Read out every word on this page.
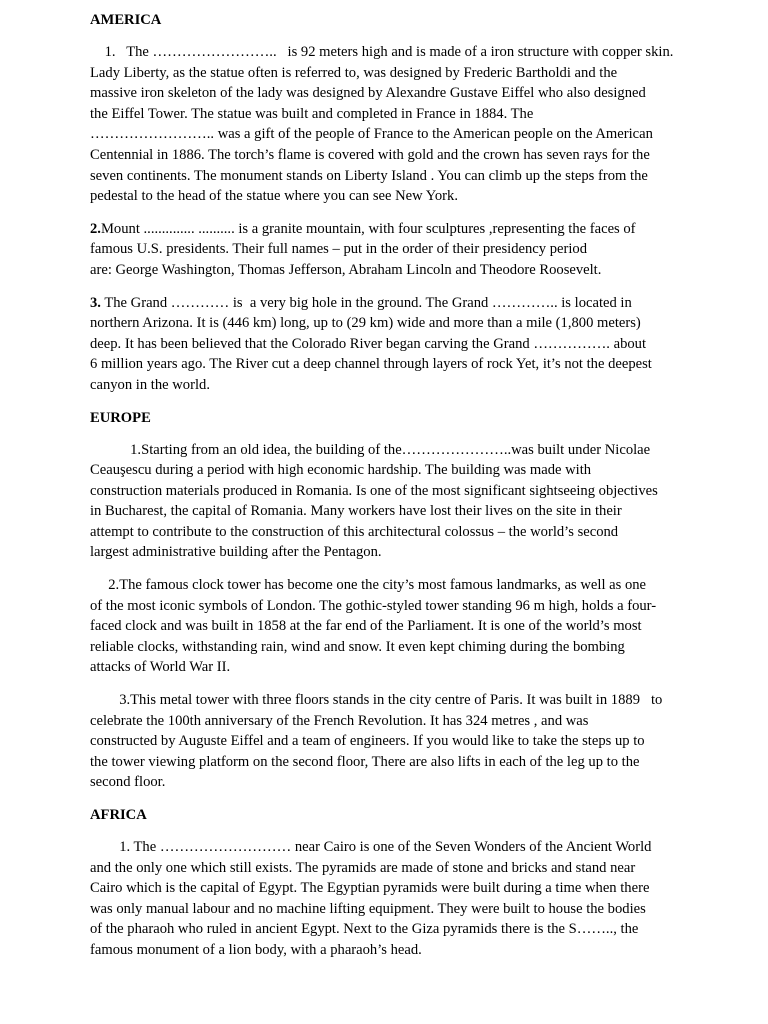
AMERICA
1.   The ……………………..   is 92 meters high and is made of a iron structure with copper skin.
Lady Liberty, as the statue often is referred to, was designed by Frederic Bartholdi and the
massive iron skeleton of the lady was designed by Alexandre Gustave Eiffel who also designed
the Eiffel Tower. The statue was built and completed in France in 1884. The
…………………….. was a gift of the people of France to the American people on the American
Centennial in 1886. The torch’s flame is covered with gold and the crown has seven rays for the
seven continents. The monument stands on Liberty Island . You can climb up the steps from the
pedestal to the head of the statue where you can see New York.
2.Mount .............. .......... is a granite mountain, with four sculptures ,representing the faces of
famous U.S. presidents. Their full names – put in the order of their presidency period
are: George Washington, Thomas Jefferson, Abraham Lincoln and Theodore Roosevelt.
3. The Grand ………… is  a very big hole in the ground. The Grand ………….. is located in
northern Arizona. It is (446 km) long, up to (29 km) wide and more than a mile (1,800 meters)
deep. It has been believed that the Colorado River began carving the Grand ……………. about
6 million years ago. The River cut a deep channel through layers of rock Yet, it’s not the deepest
canyon in the world.
EUROPE
1.Starting from an old idea, the building of the…………………..was built under Nicolae
Ceauşescu during a period with high economic hardship. The building was made with
construction materials produced in Romania. Is one of the most significant sightseeing objectives
in Bucharest, the capital of Romania. Many workers have lost their lives on the site in their
attempt to contribute to the construction of this architectural colossus – the world’s second
largest administrative building after the Pentagon.
2.The famous clock tower has become one the city’s most famous landmarks, as well as one
of the most iconic symbols of London. The gothic-styled tower standing 96 m high, holds a four-
faced clock and was built in 1858 at the far end of the Parliament. It is one of the world’s most
reliable clocks, withstanding rain, wind and snow. It even kept chiming during the bombing
attacks of World War II.
3.This metal tower with three floors stands in the city centre of Paris. It was built in 1889   to
celebrate the 100th anniversary of the French Revolution. It has 324 metres , and was
constructed by Auguste Eiffel and a team of engineers. If you would like to take the steps up to
the tower viewing platform on the second floor, There are also lifts in each of the leg up to the
second floor.
AFRICA
1. The ……………………… near Cairo is one of the Seven Wonders of the Ancient World
and the only one which still exists. The pyramids are made of stone and bricks and stand near
Cairo which is the capital of Egypt. The Egyptian pyramids were built during a time when there
was only manual labour and no machine lifting equipment. They were built to house the bodies
of the pharaoh who ruled in ancient Egypt. Next to the Giza pyramids there is the S…….., the
famous monument of a lion body, with a pharaoh’s head.
